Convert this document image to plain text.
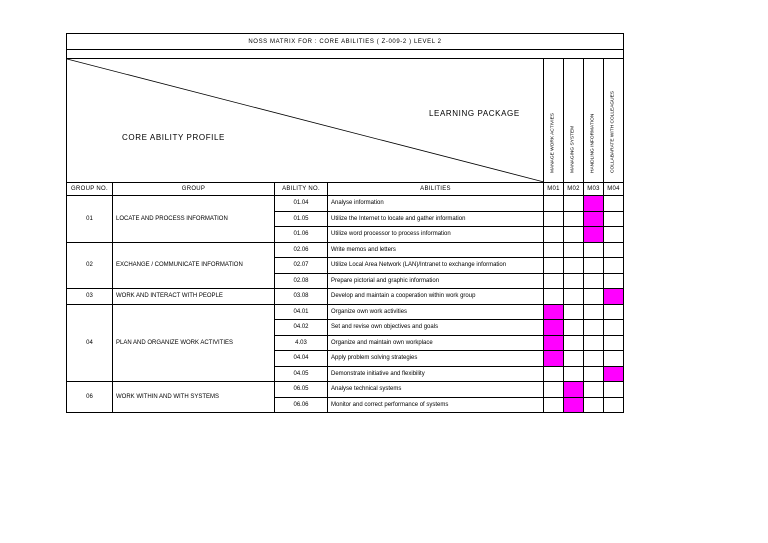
NOSS MATRIX FOR : CORE ABILITIES ( Z-009-2 ) LEVEL 2							

LEARNING PACKAGE
CORE ABILITY PROFILE				MANAGE WORK ACTIVIES	MANAGING SYSTEM	HANDLING INFORMATION	COLLABARATE WITH COLLEAGUES

GROUP NO.	GROUP	ABILITY NO.	ABILITIES	M01	M02	M03	M04
01	LOCATE AND PROCESS INFORMATION	01.04	Analyse information				
		01.05	Utilize the Internet to locate and gather information				
		01.06	Utilize word processor to process information				
02	EXCHANGE / COMMUNICATE INFORMATION	02.06	Write memos and letters				
		02.07	Utilize Local Area Network (LAN)/Intranet to exchange information				
		02.08	Prepare pictorial and graphic information				
03	WORK AND INTERACT WITH PEOPLE	03.08	Develop and maintain a cooperation within work group				
04	PLAN AND ORGANIZE WORK ACTIVITIES	04.01	Organize own work activities				
		04.02	Set and revise own objectives and goals				
		4.03	Organize and maintain own workplace				
		04.04	Apply problem solving strategies				
		04.05	Demonstrate initiative and flexibility				
06	WORK WITHIN AND WITH SYSTEMS	06.05	Analyse technical systems				
		06.06	Monitor and correct performance of systems				
